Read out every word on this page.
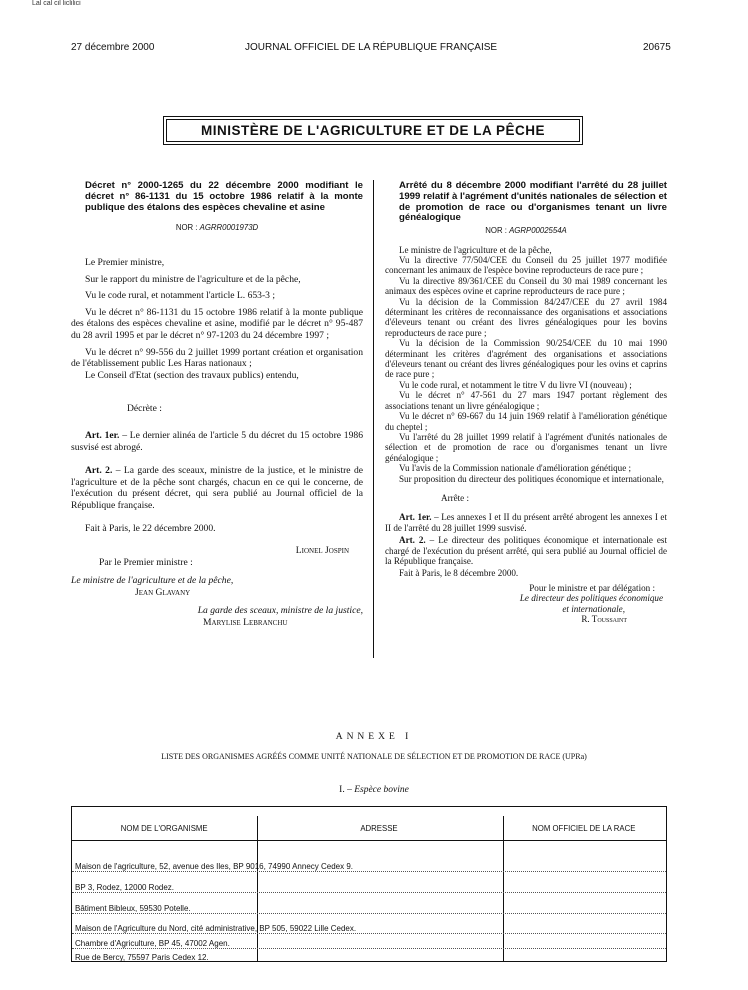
Lal cal cil liclilici
27 décembre 2000	JOURNAL OFFICIEL DE LA RÉPUBLIQUE FRANÇAISE	20675
MINISTÈRE DE L'AGRICULTURE ET DE LA PÊCHE
Décret n° 2000-1265 du 22 décembre 2000 modifiant le décret n° 86-1131 du 15 octobre 1986 relatif à la monte publique des étalons des espèces chevaline et asine
NOR : AGRR0001973D

Le Premier ministre,

Sur le rapport du ministre de l'agriculture et de la pêche,

Vu le code rural, et notamment l'article L. 653-3 ;

Vu le décret n° 86-1131 du 15 octobre 1986 relatif à la monte publique des étalons des espèces chevaline et asine, modifié par le décret n° 95-487 du 28 avril 1995 et par le décret n° 97-1203 du 24 décembre 1997 ;

Vu le décret n° 99-556 du 2 juillet 1999 portant création et organisation de l'établissement public Les Haras nationaux ;

Le Conseil d'Etat (section des travaux publics) entendu,

Décrète :

Art. 1er. – Le dernier alinéa de l'article 5 du décret du 15 octobre 1986 susvisé est abrogé.

Art. 2. – La garde des sceaux, ministre de la justice, et le ministre de l'agriculture et de la pêche sont chargés, chacun en ce qui le concerne, de l'exécution du présent décret, qui sera publié au Journal officiel de la République française.

Fait à Paris, le 22 décembre 2000.

Lionel Jospin

Par le Premier ministre :

Le ministre de l'agriculture et de la pêche,

Jean Glavany

La garde des sceaux, ministre de la justice,

Marylise Lebranchu

Arrêté du 8 décembre 2000 modifiant l'arrêté du 28 juillet 1999 relatif à l'agrément d'unités nationales de sélection et de promotion de race ou d'organismes tenant un livre généalogique
NOR : AGRP0002554A

Le ministre de l'agriculture et de la pêche,

Vu la directive 77/504/CEE du Conseil du 25 juillet 1977 modifiée concernant les animaux de l'espèce bovine reproducteurs de race pure ;

Vu la directive 89/361/CEE du Conseil du 30 mai 1989 concernant les animaux des espèces ovine et caprine reproducteurs de race pure ;

Vu la décision de la Commission 84/247/CEE du 27 avril 1984 déterminant les critères de reconnaissance des organisations et associations d'éleveurs tenant ou créant des livres généalogiques pour les bovins reproducteurs de race pure ;

Vu la décision de la Commission 90/254/CEE du 10 mai 1990 déterminant les critères d'agrément des organisations et associations d'éleveurs tenant ou créant des livres généalogiques pour les ovins et caprins de race pure ;

Vu le code rural, et notamment le titre V du livre VI (nouveau) ;

Vu le décret n° 47-561 du 27 mars 1947 portant règlement des associations tenant un livre généalogique ;

Vu le décret n° 69-667 du 14 juin 1969 relatif à l'amélioration génétique du cheptel ;

Vu l'arrêté du 28 juillet 1999 relatif à l'agrément d'unités nationales de sélection et de promotion de race ou d'organismes tenant un livre généalogique ;

Vu l'avis de la Commission nationale d'amélioration génétique ;

Sur proposition du directeur des politiques économique et internationale,

Arrête :

Art. 1er. – Les annexes I et II du présent arrêté abrogent les annexes I et II de l'arrêté du 28 juillet 1999 susvisé.

Art. 2. – Le directeur des politiques économique et internationale est chargé de l'exécution du présent arrêté, qui sera publié au Journal officiel de la République française.

Fait à Paris, le 8 décembre 2000.

Pour le ministre et par délégation :

Le directeur des politiques économique

et internationale,

R. Toussaint

ANNEXE I
LISTE DES ORGANISMES AGRÉÉS COMME UNITÉ NATIONALE DE SÉLECTION ET DE PROMOTION DE RACE (UPRa)
I. – Espèce bovine
NOM DE L'ORGANISME	ADRESSE	NOM OFFICIEL DE LA RACE
Maison de l'agriculture, 52, avenue des Iles, BP 9016, 74990 Annecy Cedex 9.
BP 3, Rodez, 12000 Rodez.
Bâtiment Bibleux, 59530 Potelle.
Maison de l'Agriculture du Nord, cité administrative, BP 505, 59022 Lille Cedex.
Chambre d'Agriculture, BP 45, 47002 Agen.
Rue de Bercy, 75597 Paris Cedex 12.
